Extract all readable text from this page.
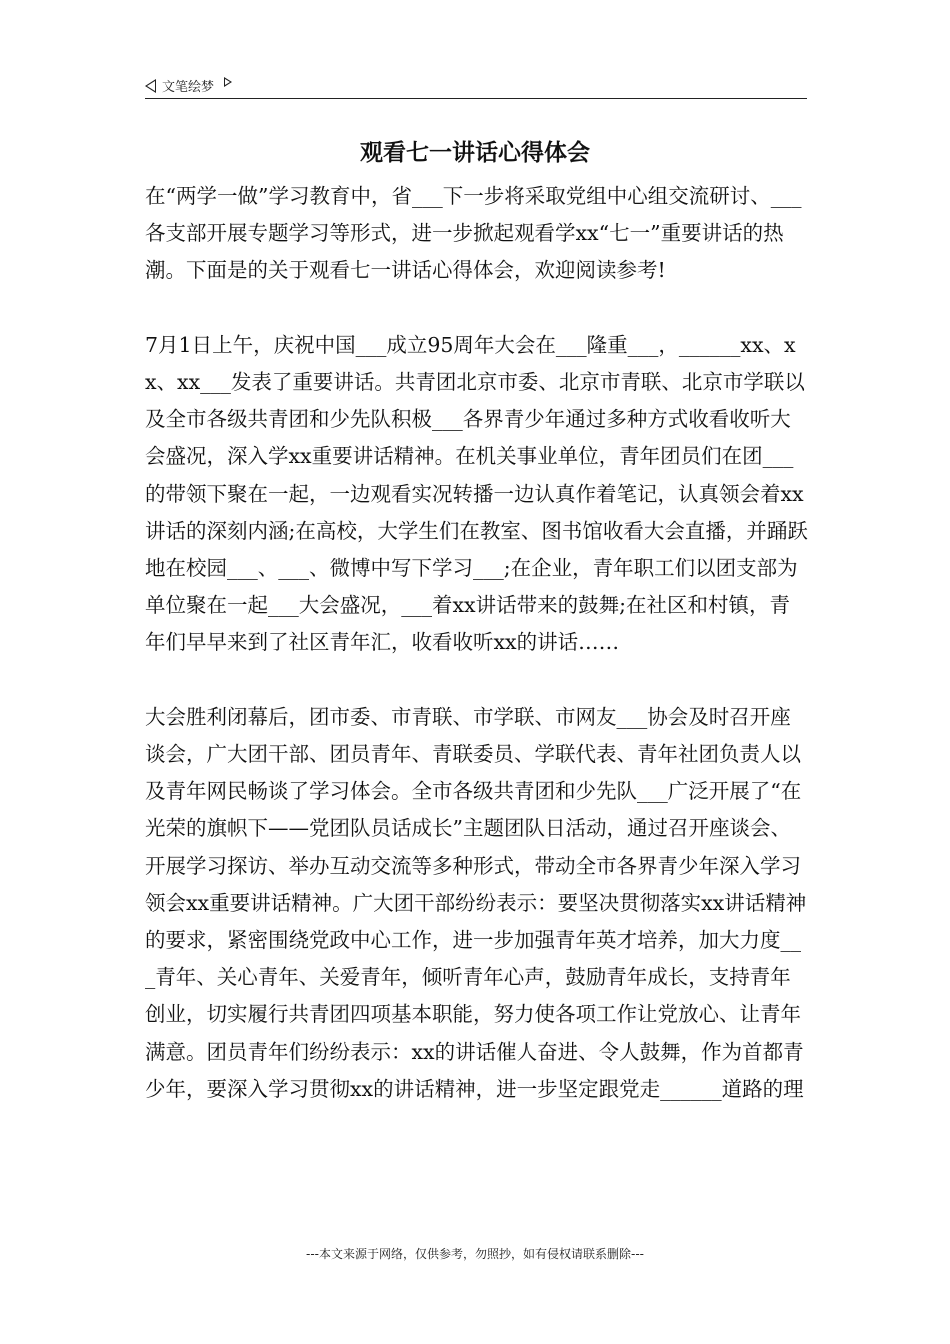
文笔绘梦
观看七一讲话心得体会

在“两学一做”学习教育中，省___下一步将采取党组中心组交流研讨、___各支部开展专题学习等形式，进一步掀起观看学xx“七一”重要讲话的热潮。下面是的关于观看七一讲话心得体会，欢迎阅读参考!

7月1日上午，庆祝中国___成立95周年大会在___隆重___，______xx、xx、xx___发表了重要讲话。共青团北京市委、北京市青联、北京市学联以及全市各级共青团和少先队积极___各界青少年通过多种方式收看收听大会盛况，深入学xx重要讲话精神。在机关事业单位，青年团员们在团___的带领下聚在一起，一边观看实况转播一边认真作着笔记，认真领会着xx讲话的深刻内涵;在高校，大学生们在教室、图书馆收看大会直播，并踊跃地在校园___、___、微博中写下学习___;在企业，青年职工们以团支部为单位聚在一起___大会盛况，___着xx讲话带来的鼓舞;在社区和村镇，青年们早早来到了社区青年汇，收看收听xx的讲话……

大会胜利闭幕后，团市委、市青联、市学联、市网友___协会及时召开座谈会，广大团干部、团员青年、青联委员、学联代表、青年社团负责人以及青年网民畅谈了学习体会。全市各级共青团和少先队___广泛开展了“在光荣的旗帜下——党团队员话成长”主题团队日活动，通过召开座谈会、开展学习探访、举办互动交流等多种形式，带动全市各界青少年深入学习领会xx重要讲话精神。广大团干部纷纷表示：要坚决贯彻落实xx讲话精神的要求，紧密围绕党政中心工作，进一步加强青年英才培养，加大力度___青年、关心青年、关爱青年，倾听青年心声，鼓励青年成长，支持青年创业，切实履行共青团四项基本职能，努力使各项工作让党放心、让青年满意。团员青年们纷纷表示：xx的讲话催人奋进、令人鼓舞，作为首都青少年，要深入学习贯彻xx的讲话精神，进一步坚定跟党走______道路的理

---本文来源于网络，仅供参考，勿照抄，如有侵权请联系删除---
